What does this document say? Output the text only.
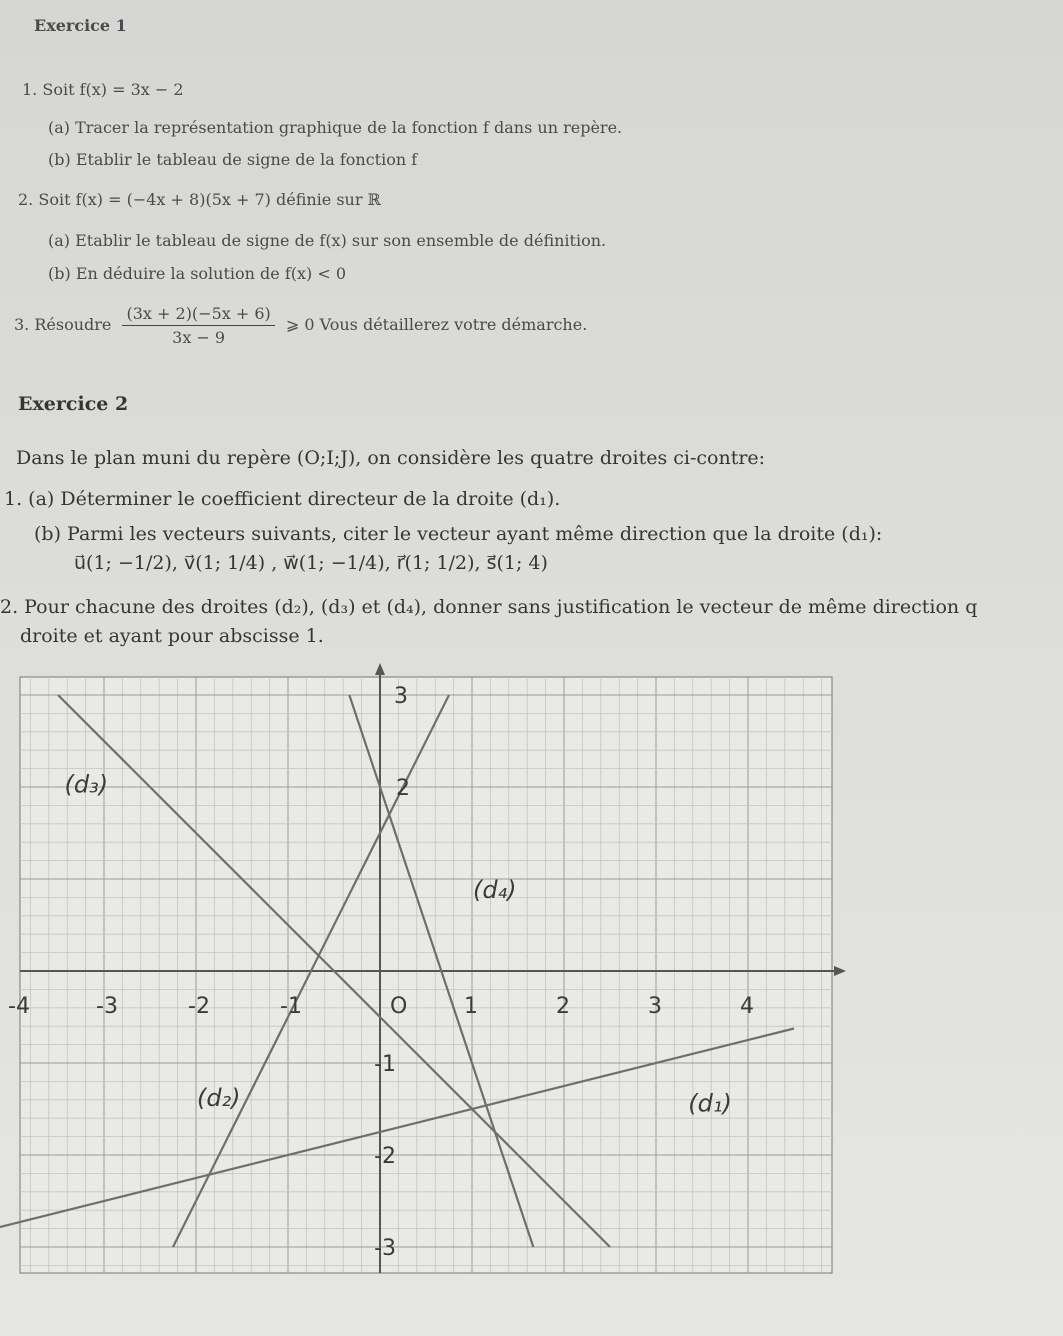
Exercice 1
1. Soit f(x) = 3x − 2
(a) Tracer la représentation graphique de la fonction f dans un repère.
(b) Etablir le tableau de signe de la fonction f
2. Soit f(x) = (−4x + 8)(5x + 7) définie sur ℝ
(a) Etablir le tableau de signe de f(x) sur son ensemble de définition.
(b) En déduire la solution de f(x) < 0
3. Résoudre $\frac{(3x + 2)(-5x + 6)}{3x - 9}$ ⩾ 0 Vous détaillerez votre démarche.
Exercice 2
Dans le plan muni du repère (O;I;J), on considère les quatre droites ci-contre:
1. (a) Déterminer le coefficient directeur de la droite (d₁).
(b) Parmi les vecteurs suivants, citer le vecteur ayant même direction que la droite (d₁):
u⃗(1; −1/2), v⃗(1; 1/4) , w⃗(1; −1/4), r⃗(1; 1/2), s⃗(1; 4)
2. Pour chacune des droites (d₂), (d₃) et (d₄), donner sans justification le vecteur de même direction q
droite et ayant pour abscisse 1.
-4	-3	-2	-1	O	1	2	3	4
3
2
-1
-2
-3
(d₁)
(d₂)
(d₃)
(d₄)
